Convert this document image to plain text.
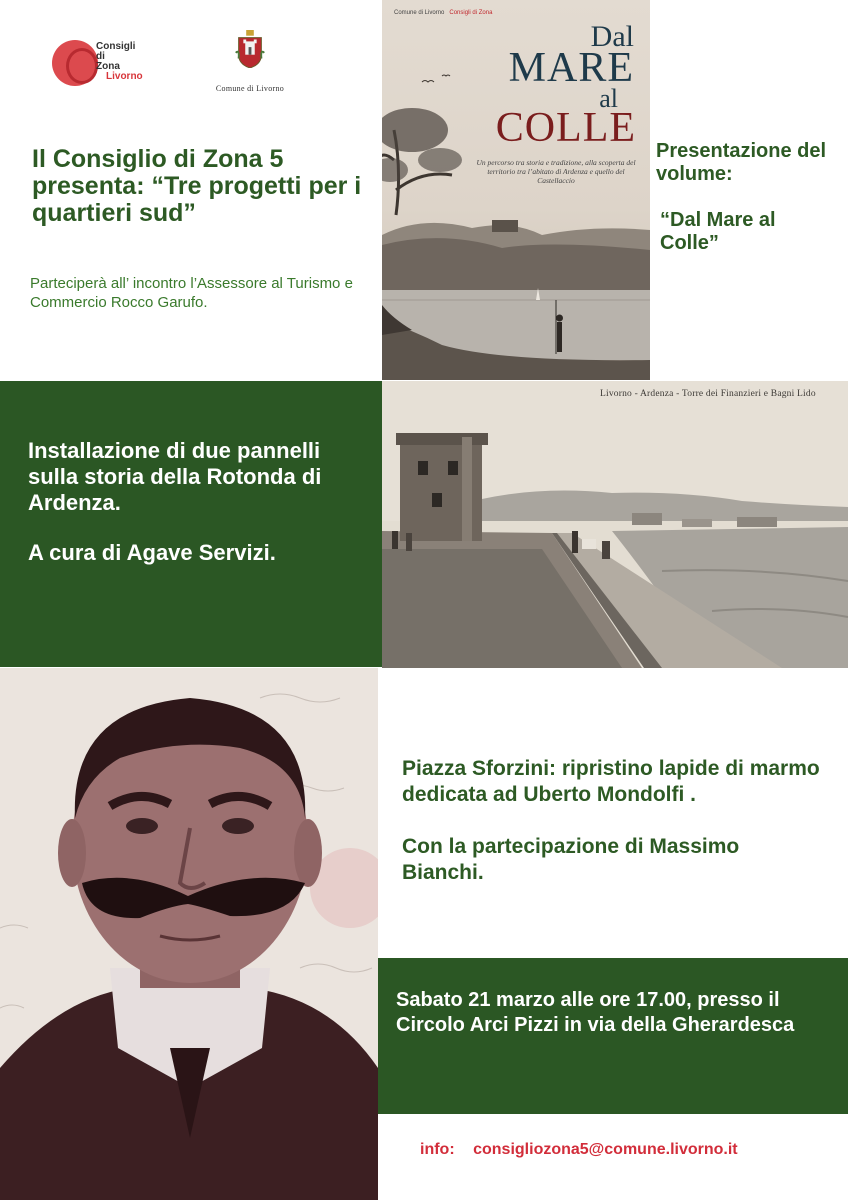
Consigli
di
Zona
Livorno
Comune di Livorno
Il Consiglio di Zona 5 presenta: “Tre progetti per i quartieri sud”
Parteciperà all’ incontro l’Assessore al Turismo e Commercio Rocco Garufo.
Comune di Livorno Consigli di Zona
Dal
MARE
al
COLLE
Un percorso tra storia e tradizione, alla scoperta del territorio tra l’abitato di Ardenza e quello del Castellaccio
Presentazione del volume:
“Dal Mare al Colle”
Installazione di due pannelli sulla storia della Rotonda di Ardenza.
A cura di Agave Servizi.
Livorno - Ardenza - Torre dei Finanzieri e Bagni Lido
Piazza Sforzini: ripristino lapide di marmo dedicata ad Uberto Mondolfi .
Con la partecipazione di Massimo Bianchi.
Sabato 21 marzo alle ore 17.00, presso il Circolo Arci Pizzi in via della Gherardesca
info: consigliozona5@comune.livorno.it
